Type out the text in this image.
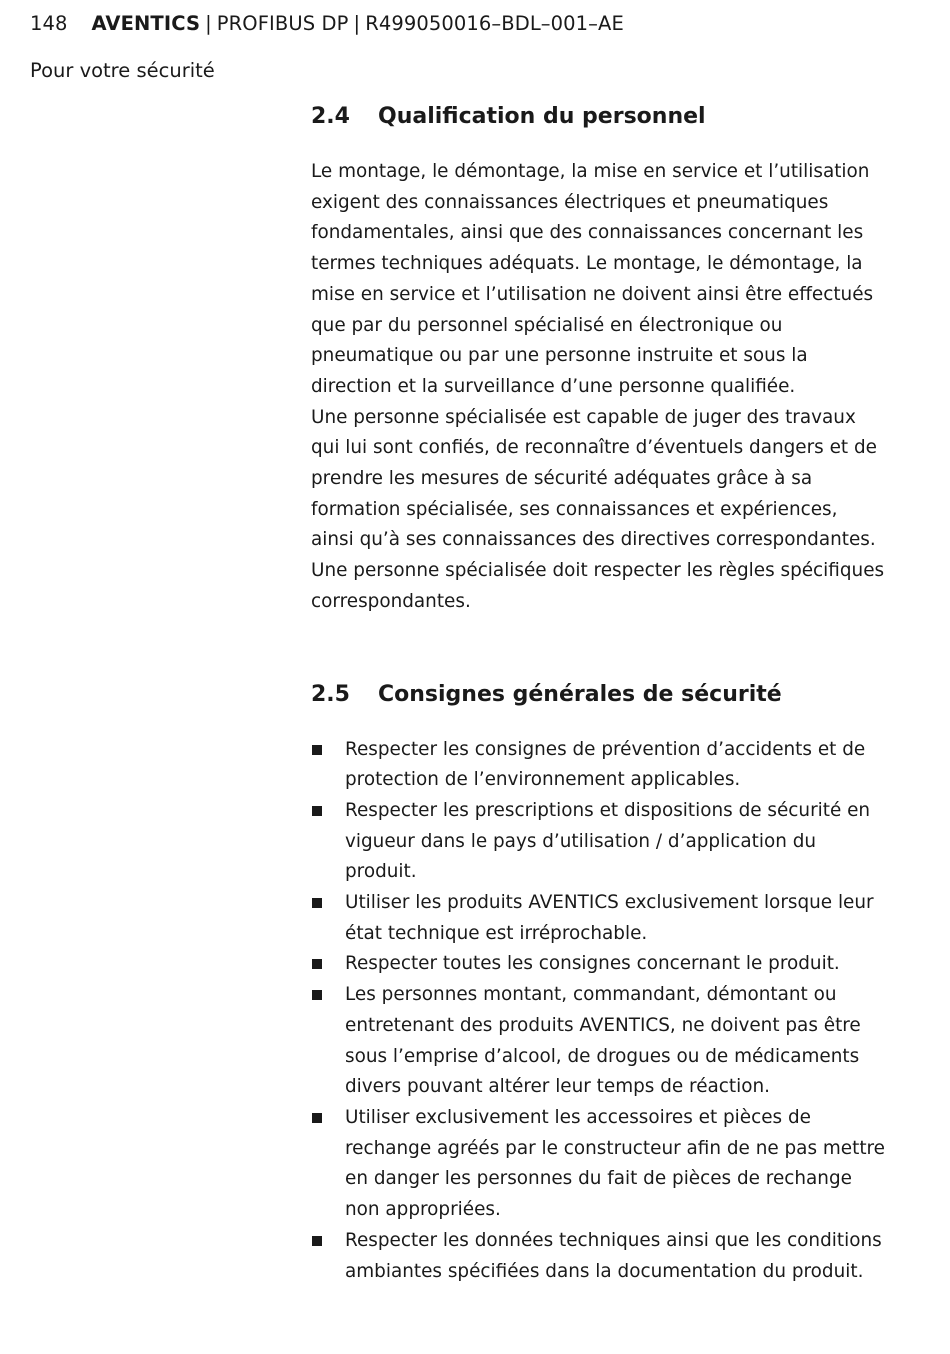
148 AVENTICS | PROFIBUS DP | R499050016–BDL–001–AE
Pour votre sécurité
2.4	Qualification du personnel

Le montage, le démontage, la mise en service et l’utilisation exigent des connaissances électriques et pneumatiques fondamentales, ainsi que des connaissances concernant les termes techniques adéquats. Le montage, le démontage, la mise en service et l’utilisation ne doivent ainsi être effectués que par du personnel spécialisé en électronique ou pneumatique ou par une personne instruite et sous la direction et la surveillance d’une personne qualifiée.

Une personne spécialisée est capable de juger des travaux qui lui sont confiés, de reconnaître d’éventuels dangers et de prendre les mesures de sécurité adéquates grâce à sa formation spécialisée, ses connaissances et expériences, ainsi qu’à ses connaissances des directives correspondantes. Une personne spécialisée doit respecter les règles spécifiques correspondantes.

2.5	Consignes générales de sécurité
Respecter les consignes de prévention d’accidents et de protection de l’environnement applicables.
Respecter les prescriptions et dispositions de sécurité en vigueur dans le pays d’utilisation / d’application du produit.
Utiliser les produits AVENTICS exclusivement lorsque leur état technique est irréprochable.
Respecter toutes les consignes concernant le produit.
Les personnes montant, commandant, démontant ou entretenant des produits AVENTICS, ne doivent pas être sous l’emprise d’alcool, de drogues ou de médicaments divers pouvant altérer leur temps de réaction.
Utiliser exclusivement les accessoires et pièces de rechange agréés par le constructeur afin de ne pas mettre en danger les personnes du fait de pièces de rechange non appropriées.
Respecter les données techniques ainsi que les conditions ambiantes spécifiées dans la documentation du produit.
